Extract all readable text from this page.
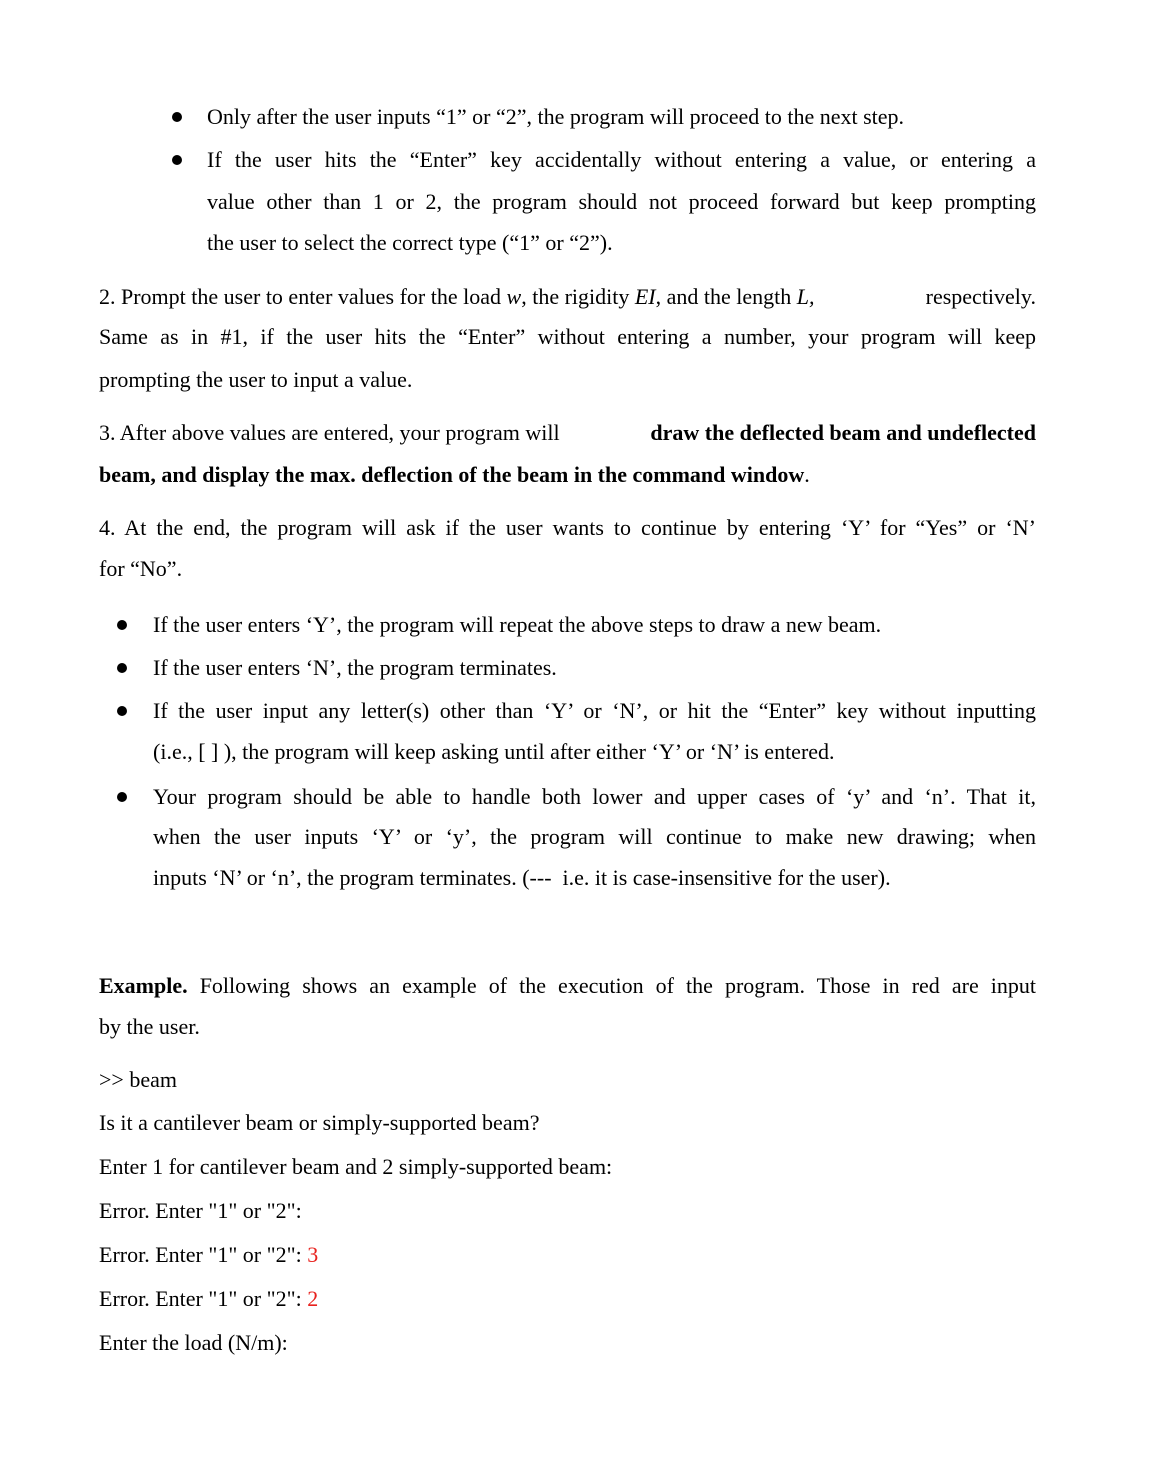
Only after the user inputs “1” or “2”, the program will proceed to the next step.
If the user hits the “Enter” key accidentally without entering a value, or entering a
value other than 1 or 2, the program should not proceed forward but keep prompting
the user to select the correct type (“1” or “2”).
2. Prompt the user to enter values for the load w, the rigidity EI, and the length L,	respectively.
Same as in #1, if the user hits the “Enter” without entering a number, your program will keep
prompting the user to input a value.
3. After above values are entered, your program will	draw the deflected beam and undeflected
beam, and display the max. deflection of the beam in the command window.
4. At the end, the program will ask if the user wants to continue by entering ‘Y’ for “Yes” or ‘N’
for “No”.
If the user enters ‘Y’, the program will repeat the above steps to draw a new beam.
If the user enters ‘N’, the program terminates.
If the user input any letter(s) other than ‘Y’ or ‘N’, or hit the “Enter” key without inputting
(i.e., [ ] ), the program will keep asking until after either ‘Y’ or ‘N’ is entered.
Your program should be able to handle both lower and upper cases of ‘y’ and ‘n’. That it,
when the user inputs ‘Y’ or ‘y’, the program will continue to make new drawing; when
inputs ‘N’ or ‘n’, the program terminates. (---  i.e. it is case-insensitive for the user).
Example. Following shows an example of the execution of the program. Those in red are input
by the user.
>> beam
Is it a cantilever beam or simply-supported beam?
Enter 1 for cantilever beam and 2 simply-supported beam:
Error. Enter "1" or "2":
Error. Enter "1" or "2": 3
Error. Enter "1" or "2": 2
Enter the load (N/m):
